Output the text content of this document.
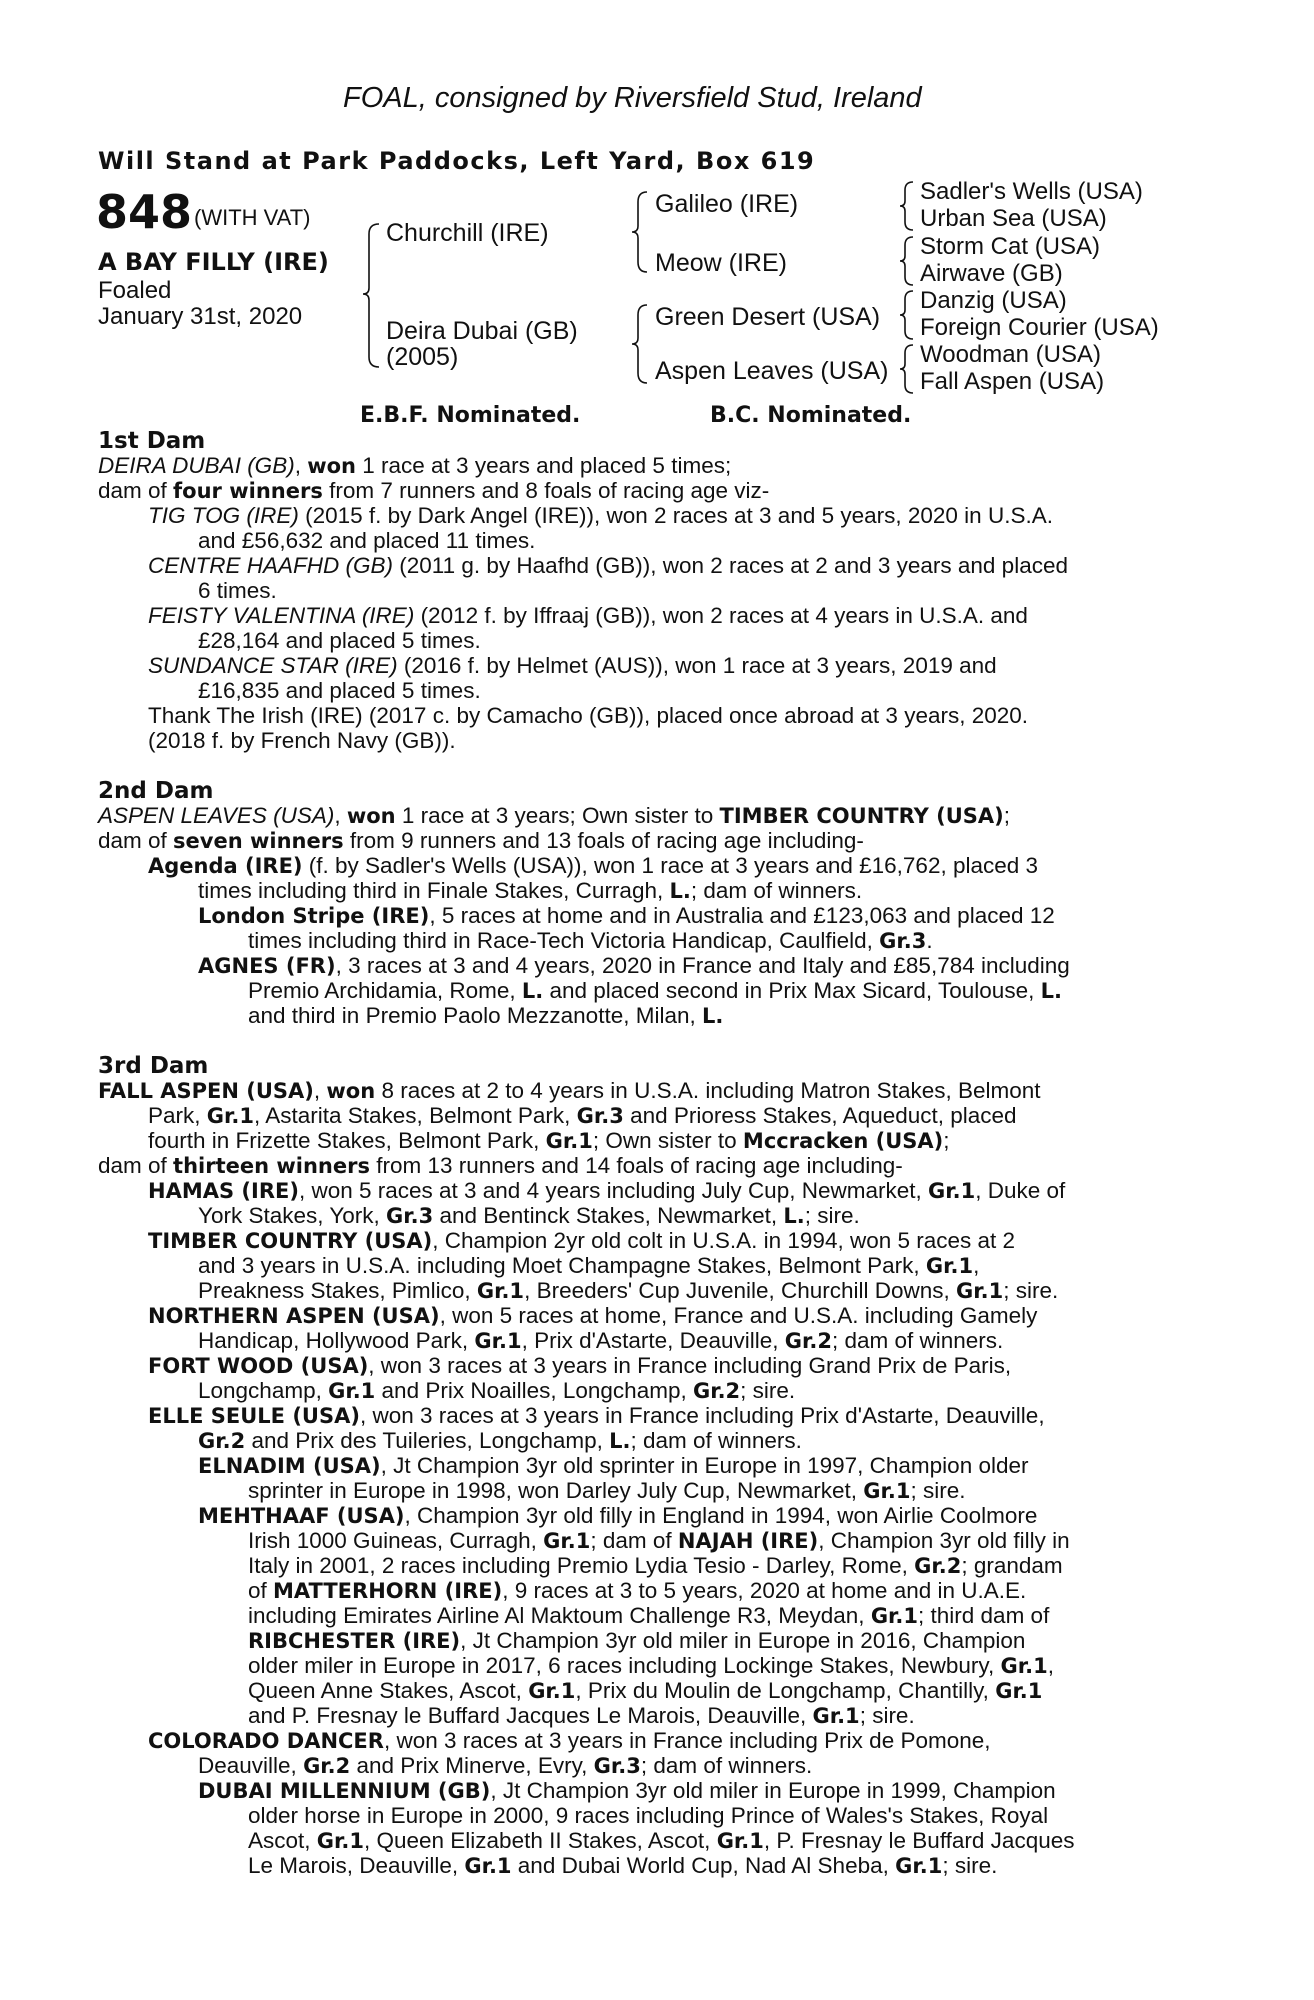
FOAL, consigned by Riversfield Stud, Ireland
Will Stand at Park Paddocks, Left Yard, Box 619
848 (WITH VAT)
A BAY FILLY (IRE)
Foaled
January 31st, 2020
Churchill (IRE)
Deira Dubai (GB)
(2005)
Galileo (IRE)
Meow (IRE)
Green Desert (USA)
Aspen Leaves (USA)
Sadler's Wells (USA)
Urban Sea (USA)
Storm Cat (USA)
Airwave (GB)
Danzig (USA)
Foreign Courier (USA)
Woodman (USA)
Fall Aspen (USA)
E.B.F. Nominated.	B.C. Nominated.
1st Dam
DEIRA DUBAI (GB), won 1 race at 3 years and placed 5 times;
dam of four winners from 7 runners and 8 foals of racing age viz-
TIG TOG (IRE) (2015 f. by Dark Angel (IRE)), won 2 races at 3 and 5 years, 2020 in U.S.A.
and £56,632 and placed 11 times.
CENTRE HAAFHD (GB) (2011 g. by Haafhd (GB)), won 2 races at 2 and 3 years and placed
6 times.
FEISTY VALENTINA (IRE) (2012 f. by Iffraaj (GB)), won 2 races at 4 years in U.S.A. and
£28,164 and placed 5 times.
SUNDANCE STAR (IRE) (2016 f. by Helmet (AUS)), won 1 race at 3 years, 2019 and
£16,835 and placed 5 times.
Thank The Irish (IRE) (2017 c. by Camacho (GB)), placed once abroad at 3 years, 2020.
(2018 f. by French Navy (GB)).
2nd Dam
ASPEN LEAVES (USA), won 1 race at 3 years; Own sister to TIMBER COUNTRY (USA);
dam of seven winners from 9 runners and 13 foals of racing age including-
Agenda (IRE) (f. by Sadler's Wells (USA)), won 1 race at 3 years and £16,762, placed 3
times including third in Finale Stakes, Curragh, L.; dam of winners.
London Stripe (IRE), 5 races at home and in Australia and £123,063 and placed 12
times including third in Race-Tech Victoria Handicap, Caulfield, Gr.3.
AGNES (FR), 3 races at 3 and 4 years, 2020 in France and Italy and £85,784 including
Premio Archidamia, Rome, L. and placed second in Prix Max Sicard, Toulouse, L.
and third in Premio Paolo Mezzanotte, Milan, L.
3rd Dam
FALL ASPEN (USA), won 8 races at 2 to 4 years in U.S.A. including Matron Stakes, Belmont
Park, Gr.1, Astarita Stakes, Belmont Park, Gr.3 and Prioress Stakes, Aqueduct, placed
fourth in Frizette Stakes, Belmont Park, Gr.1; Own sister to Mccracken (USA);
dam of thirteen winners from 13 runners and 14 foals of racing age including-
HAMAS (IRE), won 5 races at 3 and 4 years including July Cup, Newmarket, Gr.1, Duke of
York Stakes, York, Gr.3 and Bentinck Stakes, Newmarket, L.; sire.
TIMBER COUNTRY (USA), Champion 2yr old colt in U.S.A. in 1994, won 5 races at 2
and 3 years in U.S.A. including Moet Champagne Stakes, Belmont Park, Gr.1,
Preakness Stakes, Pimlico, Gr.1, Breeders' Cup Juvenile, Churchill Downs, Gr.1; sire.
NORTHERN ASPEN (USA), won 5 races at home, France and U.S.A. including Gamely
Handicap, Hollywood Park, Gr.1, Prix d'Astarte, Deauville, Gr.2; dam of winners.
FORT WOOD (USA), won 3 races at 3 years in France including Grand Prix de Paris,
Longchamp, Gr.1 and Prix Noailles, Longchamp, Gr.2; sire.
ELLE SEULE (USA), won 3 races at 3 years in France including Prix d'Astarte, Deauville,
Gr.2 and Prix des Tuileries, Longchamp, L.; dam of winners.
ELNADIM (USA), Jt Champion 3yr old sprinter in Europe in 1997, Champion older
sprinter in Europe in 1998, won Darley July Cup, Newmarket, Gr.1; sire.
MEHTHAAF (USA), Champion 3yr old filly in England in 1994, won Airlie Coolmore
Irish 1000 Guineas, Curragh, Gr.1; dam of NAJAH (IRE), Champion 3yr old filly in
Italy in 2001, 2 races including Premio Lydia Tesio - Darley, Rome, Gr.2; grandam
of MATTERHORN (IRE), 9 races at 3 to 5 years, 2020 at home and in U.A.E.
including Emirates Airline Al Maktoum Challenge R3, Meydan, Gr.1; third dam of
RIBCHESTER (IRE), Jt Champion 3yr old miler in Europe in 2016, Champion
older miler in Europe in 2017, 6 races including Lockinge Stakes, Newbury, Gr.1,
Queen Anne Stakes, Ascot, Gr.1, Prix du Moulin de Longchamp, Chantilly, Gr.1
and P. Fresnay le Buffard Jacques Le Marois, Deauville, Gr.1; sire.
COLORADO DANCER, won 3 races at 3 years in France including Prix de Pomone,
Deauville, Gr.2 and Prix Minerve, Evry, Gr.3; dam of winners.
DUBAI MILLENNIUM (GB), Jt Champion 3yr old miler in Europe in 1999, Champion
older horse in Europe in 2000, 9 races including Prince of Wales's Stakes, Royal
Ascot, Gr.1, Queen Elizabeth II Stakes, Ascot, Gr.1, P. Fresnay le Buffard Jacques
Le Marois, Deauville, Gr.1 and Dubai World Cup, Nad Al Sheba, Gr.1; sire.
